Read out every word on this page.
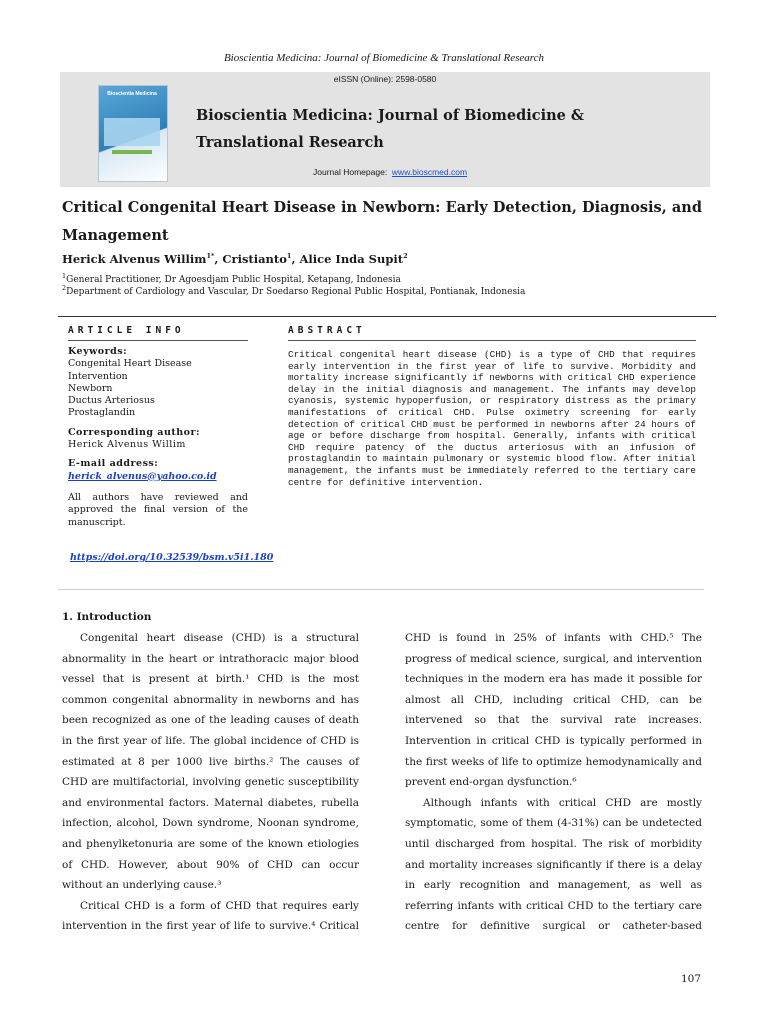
Bioscientia Medicina: Journal of Biomedicine & Translational Research
eISSN (Online): 2598-0580
Bioscientia Medicina
Bioscientia Medicina: Journal of Biomedicine &
Translational Research
Journal Homepage: www.bioscmed.com
Critical Congenital Heart Disease in Newborn: Early Detection, Diagnosis, and
Management
Herick Alvenus Willim$^{1*}$, Cristianto$^1$, Alice Inda Supit$^2$
$^1$General Practitioner, Dr Agoesdjam Public Hospital, Ketapang, Indonesia
$^2$Department of Cardiology and Vascular, Dr Soedarso Regional Public Hospital, Pontianak, Indonesia
ARTICLE INFO
Keywords:
Congenital Heart Disease
Intervention
Newborn
Ductus Arteriosus
Prostaglandin
Corresponding author:
Herick Alvenus Willim
E-mail address:
herick_alvenus@yahoo.co.id
All authors have reviewed and
approved the final version of the
manuscript.
https://doi.org/10.32539/bsm.v5i1.180
ABSTRACT
Critical congenital heart disease (CHD) is a type of CHD that requires early intervention in the first year of life to survive. Morbidity and mortality increase significantly if newborns with critical CHD experience delay in the initial diagnosis and management. The infants may develop cyanosis, systemic hypoperfusion, or respiratory distress as the primary manifestations of critical CHD. Pulse oximetry screening for early detection of critical CHD must be performed in newborns after 24 hours of age or before discharge from hospital. Generally, infants with critical CHD require patency of the ductus arteriosus with an infusion of prostaglandin to maintain pulmonary or systemic blood flow. After initial management, the infants must be immediately referred to the tertiary care centre for definitive intervention.
1. Introduction
Congenital heart disease (CHD) is a structural
abnormality in the heart or intrathoracic major blood
vessel that is present at birth.¹ CHD is the most
common congenital abnormality in newborns and has
been recognized as one of the leading causes of death
in the first year of life. The global incidence of CHD is
estimated at 8 per 1000 live births.² The causes of
CHD are multifactorial, involving genetic susceptibility
and environmental factors. Maternal diabetes, rubella
infection, alcohol, Down syndrome, Noonan syndrome,
and phenylketonuria are some of the known etiologies
of CHD. However, about 90% of CHD can occur
without an underlying cause.³
Critical CHD is a form of CHD that requires early
intervention in the first year of life to survive.⁴ Critical
CHD is found in 25% of infants with CHD.⁵ The
progress of medical science, surgical, and intervention
techniques in the modern era has made it possible for
almost all CHD, including critical CHD, can be
intervened so that the survival rate increases.
Intervention in critical CHD is typically performed in
the first weeks of life to optimize hemodynamically and
prevent end-organ dysfunction.⁶
Although infants with critical CHD are mostly
symptomatic, some of them (4-31%) can be undetected
until discharged from hospital. The risk of morbidity
and mortality increases significantly if there is a delay
in early recognition and management, as well as
referring infants with critical CHD to the tertiary care
centre for definitive surgical or catheter-based
107
